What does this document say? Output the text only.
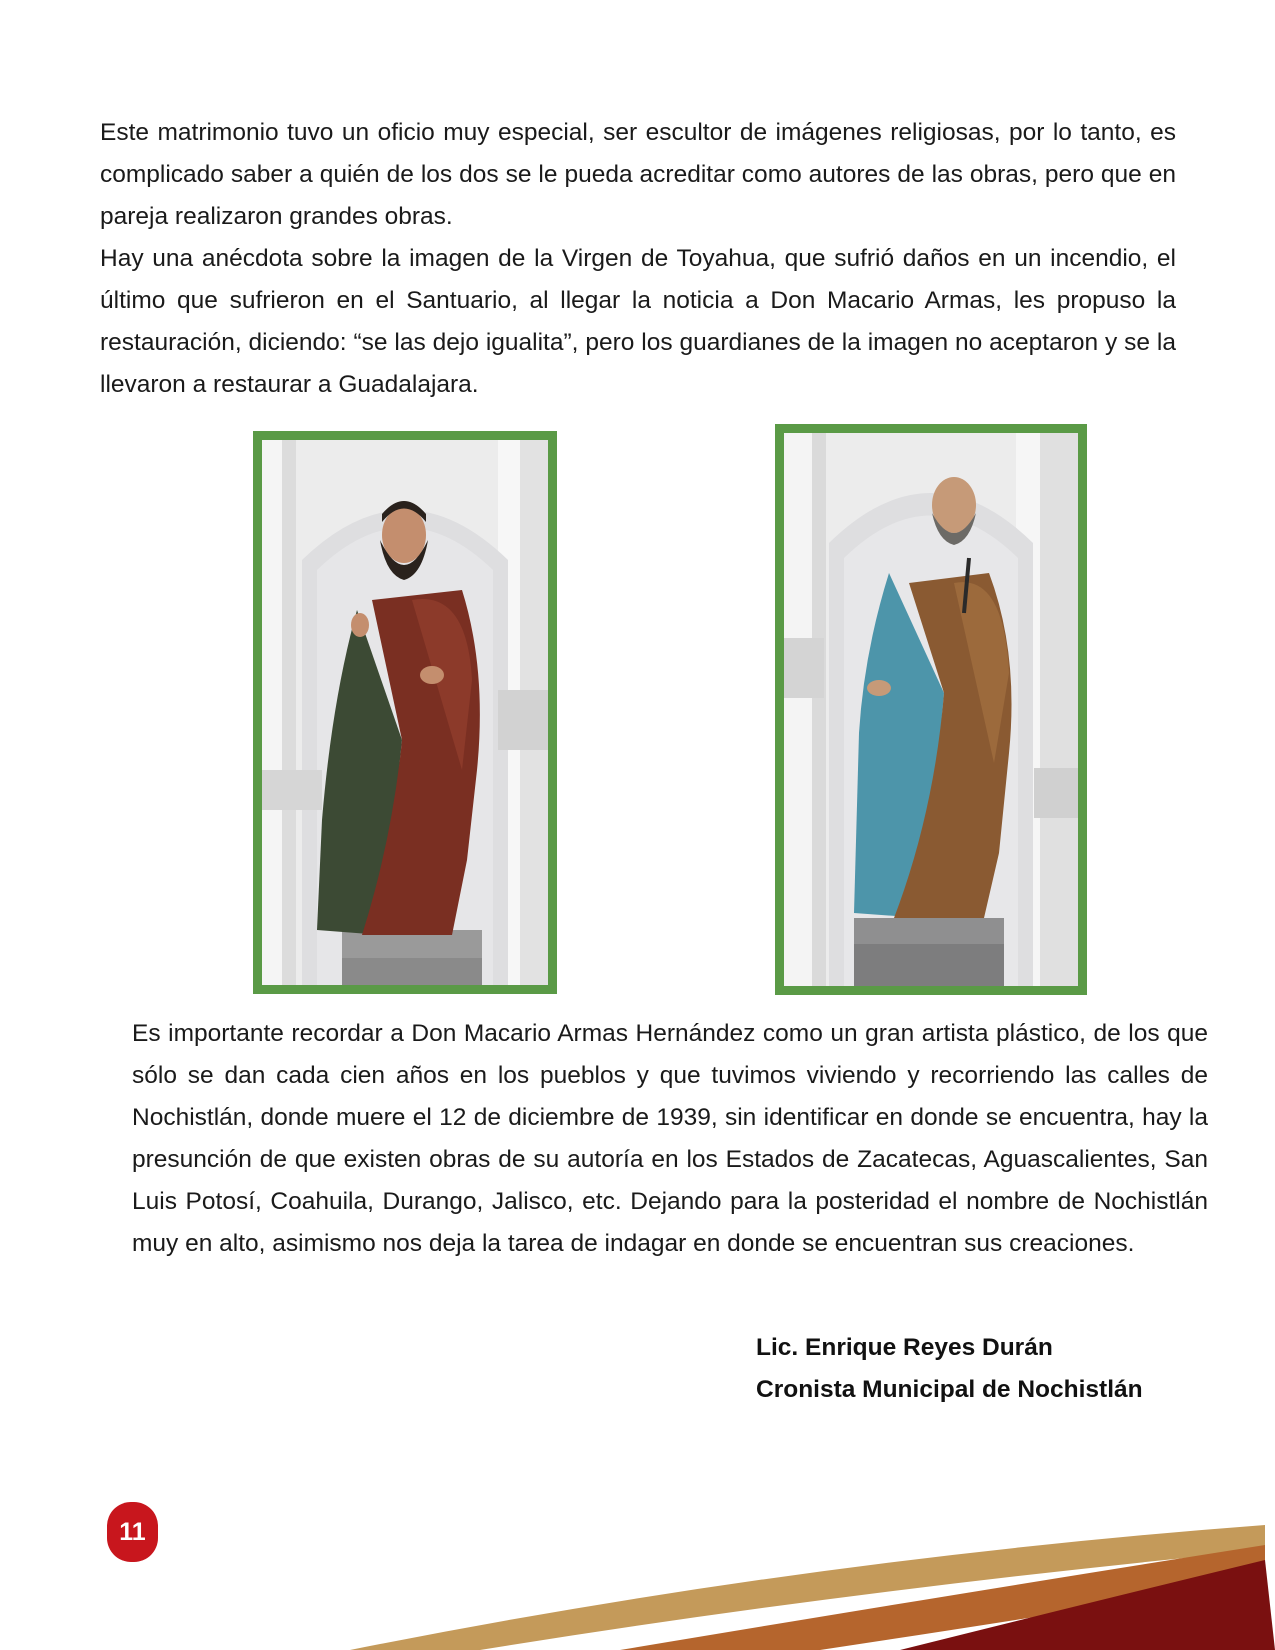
Este matrimonio tuvo un oficio muy especial, ser escultor de imágenes religiosas, por lo tanto, es complicado saber a quién de los dos se le pueda acreditar como autores de las obras, pero que en pareja realizaron grandes obras.

Hay una anécdota sobre la imagen de la Virgen de Toyahua, que sufrió daños en un incendio, el último que sufrieron en el Santuario, al llegar la noticia a Don Macario Armas, les propuso la restauración, diciendo: “se las dejo igualita”, pero los guardianes de la imagen no aceptaron y se la llevaron a restaurar a Guadalajara.

Es importante recordar a Don Macario Armas Hernández como un gran artista plástico, de los que sólo se dan cada cien años en los pueblos y que tuvimos viviendo y recorriendo las calles de Nochistlán, donde muere el 12 de diciembre de 1939, sin identificar en donde se encuentra, hay la presunción de que existen obras de su autoría en los Estados de Zacatecas, Aguascalientes, San Luis Potosí, Coahuila, Durango, Jalisco, etc. Dejando para la posteridad el nombre de Nochistlán muy en alto, asimismo nos deja la tarea de indagar en donde se encuentran sus creaciones.

Lic. Enrique Reyes Durán
Cronista Municipal de Nochistlán
11
